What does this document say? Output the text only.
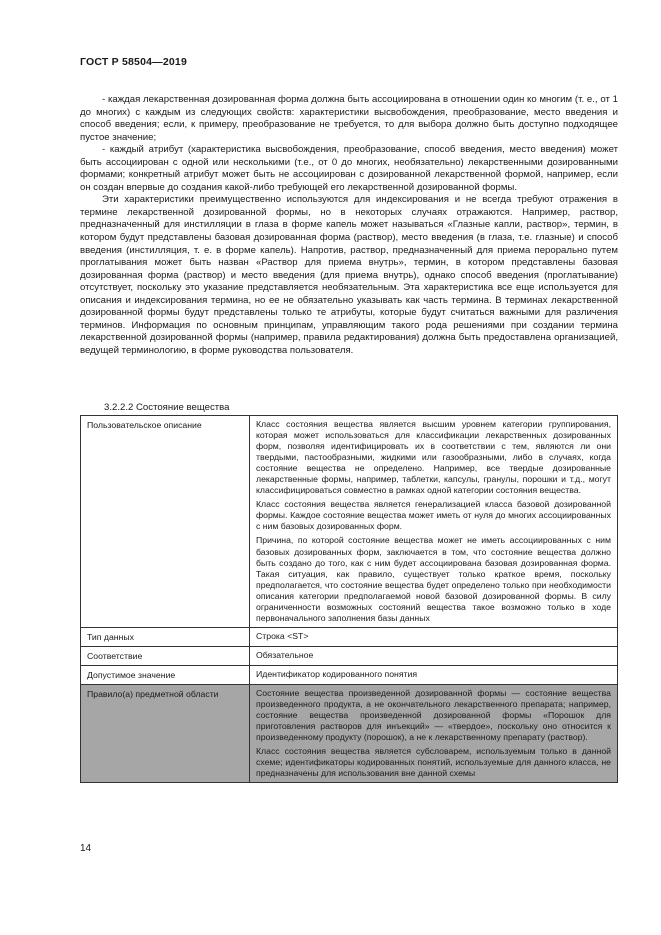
ГОСТ Р 58504—2019

- каждая лекарственная дозированная форма должна быть ассоциирована в отношении один ко многим (т. е., от 1 до многих) с каждым из следующих свойств: характеристики высвобождения, преобразование, место введения и способ введения; если, к примеру, преобразование не требуется, то для выбора должно быть доступно подходящее пустое значение;

- каждый атрибут (характеристика высвобождения, преобразование, способ введения, место введения) может быть ассоциирован с одной или несколькими (т.е., от 0 до многих, необязательно) лекарственными дозированными формами; конкретный атрибут может быть не ассоциирован с дозированной лекарственной формой, например, если он создан впервые до создания какой-либо требующей его лекарственной дозированной формы.

Эти характеристики преимущественно используются для индексирования и не всегда требуют отражения в термине лекарственной дозированной формы, но в некоторых случаях отражаются. Например, раствор, предназначенный для инстилляции в глаза в форме капель может называться «Глазные капли, раствор», термин, в котором будут представлены базовая дозированная форма (раствор), место введения (в глаза, т.е. глазные) и способ введения (инстилляция, т. е. в форме капель). Напротив, раствор, предназначенный для приема перорально путем проглатывания может быть назван «Раствор для приема внутрь», термин, в котором представлены базовая дозированная форма (раствор) и место введения (для приема внутрь), однако способ введения (проглатывание) отсутствует, поскольку это указание представляется необязательным. Эта характеристика все еще используется для описания и индексирования термина, но ее не обязательно указывать как часть термина. В терминах лекарственной дозированной формы будут представлены только те атрибуты, которые будут считаться важными для различения терминов. Информация по основным принципам, управляющим такого рода решениями при создании термина лекарственной дозированной формы (например, правила редактирования) должна быть предоставлена организацией, ведущей терминологию, в форме руководства пользователя.

3.2.2.2 Состояние вещества
Пользовательское описание	Класс состояния вещества является высшим уровнем категории группирования, которая может использоваться для классификации лекарственных дозированных форм, позволяя идентифицировать их в соответствии с тем, являются ли они твердыми, пастообразными, жидкими или газообразными, либо в случаях, когда состояние вещества не определено. Например, все твердые дозированные лекарственные формы, например, таблетки, капсулы, гранулы, порошки и т.д., могут классифицироваться совместно в рамках одной категории состояния вещества.

Класс состояния вещества является генерализацией класса базовой дозированной формы. Каждое состояние вещества может иметь от нуля до многих ассоциированных с ним базовых дозированных форм.

Причина, по которой состояние вещества может не иметь ассоциированных с ним базовых дозированных форм, заключается в том, что состояние вещества должно быть создано до того, как с ним будет ассоциирована базовая дозированная форма. Такая ситуация, как правило, существует только краткое время, поскольку предполагается, что состояние вещества будет определено только при необходимости описания категории предполагаемой новой базовой дозированной формы. В силу ограниченности возможных состояний вещества такое возможно только в ходе первоначального заполнения базы данных

Тип данных	Строка <ST>

Соответствие	Обязательное

Допустимое значение	Идентификатор кодированного понятия

Правило(а) предметной области	Состояние вещества произведенной дозированной формы — состояние вещества произведенного продукта, а не окончательного лекарственного препарата; например, состояние вещества произведенной дозированной формы «Порошок для приготовления растворов для инъекций» — «твердое», поскольку оно относится к произведенному продукту (порошок), а не к лекарственному препарату (раствор).

Класс состояния вещества является субсловарем, используемым только в данной схеме; идентификаторы кодированных понятий, используемые для данного класса, не предназначены для использования вне данной схемы

14
